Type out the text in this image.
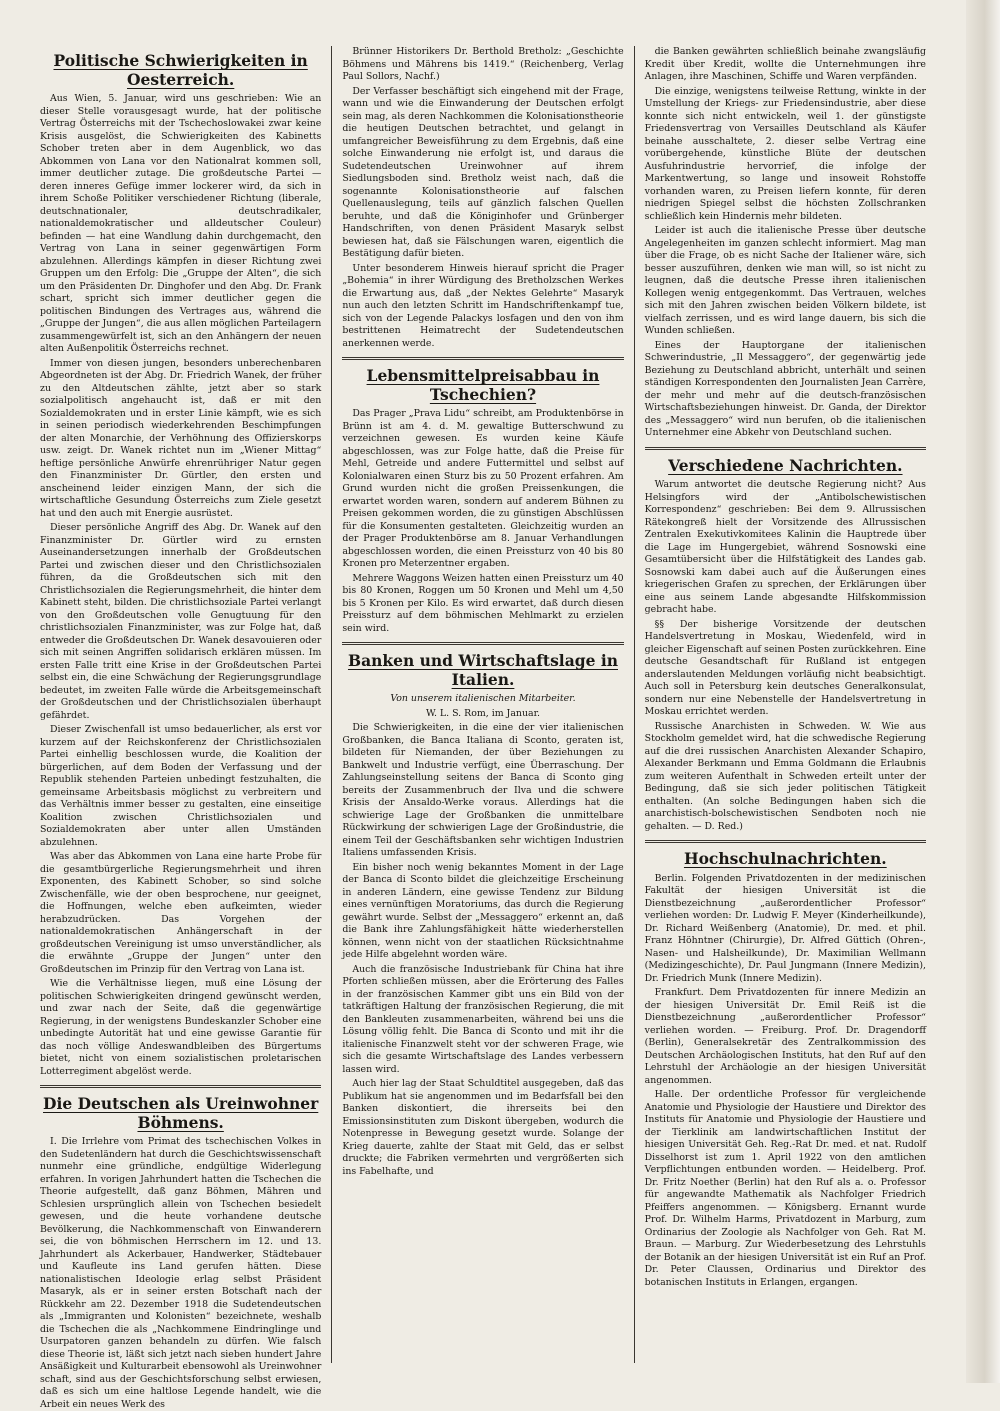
Politische Schwierigkeiten in Oesterreich.

Aus Wien, 5. Januar, wird uns geschrieben: Wie an dieser Stelle vorausgesagt wurde, hat der politische Vertrag Österreichs mit der Tschechoslowakei zwar keine Krisis ausgelöst, die Schwierigkeiten des Kabinetts Schober treten aber in dem Augenblick, wo das Abkommen von Lana vor den Nationalrat kommen soll, immer deutlicher zutage. Die großdeutsche Partei — deren inneres Gefüge immer lockerer wird, da sich in ihrem Schoße Politiker verschiedener Richtung (liberale, deutschnationaler, deutschradikaler, nationaldemokratischer und alldeutscher Couleur) befinden — hat eine Wandlung dahin durchgemacht, den Vertrag von Lana in seiner gegenwärtigen Form abzulehnen. Allerdings kämpfen in dieser Richtung zwei Gruppen um den Erfolg: Die „Gruppe der Alten“, die sich um den Präsidenten Dr. Dinghofer und den Abg. Dr. Frank schart, spricht sich immer deutlicher gegen die politischen Bindungen des Vertrages aus, während die „Gruppe der Jungen“, die aus allen möglichen Parteilagern zusammengewürfelt ist, sich an den Anhängern der neuen alten Außenpolitik Österreichs rechnet.

Immer von diesen jungen, besonders unberechenbaren Abgeordneten ist der Abg. Dr. Friedrich Wanek, der früher zu den Altdeutschen zählte, jetzt aber so stark sozialpolitisch angehaucht ist, daß er mit den Sozialdemokraten und in erster Linie kämpft, wie es sich in seinen periodisch wiederkehrenden Beschimpfungen der alten Monarchie, der Verhöhnung des Offizierskorps usw. zeigt. Dr. Wanek richtet nun im „Wiener Mittag“ heftige persönliche Anwürfe ehrenrühriger Natur gegen den Finanzminister Dr. Gürtler, den ersten und anscheinend leider einzigen Mann, der sich die wirtschaftliche Gesundung Österreichs zum Ziele gesetzt hat und den auch mit Energie ausrüstet.

Dieser persönliche Angriff des Abg. Dr. Wanek auf den Finanzminister Dr. Gürtler wird zu ernsten Auseinandersetzungen innerhalb der Großdeutschen Partei und zwischen dieser und den Christlichsozialen führen, da die Großdeutschen sich mit den Christlichsozialen die Regierungsmehrheit, die hinter dem Kabinett steht, bilden. Die christlichsoziale Partei verlangt von den Großdeutschen volle Genugtuung für den christlichsozialen Finanzminister, was zur Folge hat, daß entweder die Großdeutschen Dr. Wanek desavouieren oder sich mit seinen Angriffen solidarisch erklären müssen. Im ersten Falle tritt eine Krise in der Großdeutschen Partei selbst ein, die eine Schwächung der Regierungsgrundlage bedeutet, im zweiten Falle würde die Arbeitsgemeinschaft der Großdeutschen und der Christlichsozialen überhaupt gefährdet.

Dieser Zwischenfall ist umso bedauerlicher, als erst vor kurzem auf der Reichskonferenz der Christlichsozialen Partei einhellig beschlossen wurde, die Koalition der bürgerlichen, auf dem Boden der Verfassung und der Republik stehenden Parteien unbedingt festzuhalten, die gemeinsame Arbeitsbasis möglichst zu verbreitern und das Verhältnis immer besser zu gestalten, eine einseitige Koalition zwischen Christlichsozialen und Sozialdemokraten aber unter allen Umständen abzulehnen.

Was aber das Abkommen von Lana eine harte Probe für die gesamtbürgerliche Regierungsmehrheit und ihren Exponenten, des Kabinett Schober, so sind solche Zwischenfälle, wie der oben besprochene, nur geeignet, die Hoffnungen, welche eben aufkeimten, wieder herabzudrücken. Das Vorgehen der nationaldemokratischen Anhängerschaft in der großdeutschen Vereinigung ist umso unverständlicher, als die erwähnte „Gruppe der Jungen“ unter den Großdeutschen im Prinzip für den Vertrag von Lana ist.

Wie die Verhältnisse liegen, muß eine Lösung der politischen Schwierigkeiten dringend gewünscht werden, und zwar nach der Seite, daß die gegenwärtige Regierung, in der wenigstens Bundeskanzler Schober eine unbedingte Autorität hat und eine gewisse Garantie für das noch völlige Andeswandbleiben des Bürgertums bietet, nicht von einem sozialistischen proletarischen Lotterregiment abgelöst werde.

Die Deutschen als Ureinwohner Böhmens.

I. Die Irrlehre vom Primat des tschechischen Volkes in den Sudetenländern hat durch die Geschichtswissenschaft nunmehr eine gründliche, endgültige Widerlegung erfahren. In vorigen Jahrhundert hatten die Tschechen die Theorie aufgestellt, daß ganz Böhmen, Mähren und Schlesien ursprünglich allein von Tschechen besiedelt gewesen, und die heute vorhandene deutsche Bevölkerung, die Nachkommenschaft von Einwanderern sei, die von böhmischen Herrschern im 12. und 13. Jahrhundert als Ackerbauer, Handwerker, Städtebauer und Kaufleute ins Land gerufen hätten. Diese nationalistischen Ideologie erlag selbst Präsident Masaryk, als er in seiner ersten Botschaft nach der Rückkehr am 22. Dezember 1918 die Sudetendeutschen als „Immigranten und Kolonisten“ bezeichnete, weshalb die Tschechen die als „Nachkommene Eindringlinge und Usurpatoren ganzen behandeln zu dürfen. Wie falsch diese Theorie ist, läßt sich jetzt nach sieben hundert Jahre Ansäßigkeit und Kulturarbeit ebensowohl als Ureinwohner schaft, sind aus der Geschichtsforschung selbst erwiesen, daß es sich um eine haltlose Legende handelt, wie die Arbeit ein neues Werk des

Brünner Historikers Dr. Berthold Bretholz: „Geschichte Böhmens und Mährens bis 1419.“ (Reichenberg, Verlag Paul Sollors, Nachf.)

Der Verfasser beschäftigt sich eingehend mit der Frage, wann und wie die Einwanderung der Deutschen erfolgt sein mag, als deren Nachkommen die Kolonisationstheorie die heutigen Deutschen betrachtet, und gelangt in umfangreicher Beweisführung zu dem Ergebnis, daß eine solche Einwanderung nie erfolgt ist, und daraus die Sudetendeutschen Ureinwohner auf ihrem Siedlungsboden sind. Bretholz weist nach, daß die sogenannte Kolonisationstheorie auf falschen Quellenauslegung, teils auf gänzlich falschen Quellen beruhte, und daß die Königinhofer und Grünberger Handschriften, von denen Präsident Masaryk selbst bewiesen hat, daß sie Fälschungen waren, eigentlich die Bestätigung dafür bieten.

Unter besonderem Hinweis hierauf spricht die Prager „Bohemia“ in ihrer Würdigung des Bretholzschen Werkes die Erwartung aus, daß „der Nektes Gelehrte“ Masaryk nun auch den letzten Schritt im Handschriftenkampf tue, sich von der Legende Palackys losfagen und den von ihm bestrittenen Heimatrecht der Sudetendeutschen anerkennen werde.

Lebensmittelpreisabbau in Tschechien?

Das Prager „Prava Lidu“ schreibt, am Produktenbörse in Brünn ist am 4. d. M. gewaltige Butterschwund zu verzeichnen gewesen. Es wurden keine Käufe abgeschlossen, was zur Folge hatte, daß die Preise für Mehl, Getreide und andere Futtermittel und selbst auf Kolonialwaren einen Sturz bis zu 50 Prozent erfahren. Am Grund wurden nicht die großen Preissenkungen, die erwartet worden waren, sondern auf anderem Bühnen zu Preisen gekommen worden, die zu günstigen Abschlüssen für die Konsumenten gestalteten. Gleichzeitig wurden an der Prager Produktenbörse am 8. Januar Verhandlungen abgeschlossen worden, die einen Preissturz von 40 bis 80 Kronen pro Meterzentner ergaben.

Mehrere Waggons Weizen hatten einen Preissturz um 40 bis 80 Kronen, Roggen um 50 Kronen und Mehl um 4,50 bis 5 Kronen per Kilo. Es wird erwartet, daß durch diesen Preissturz auf dem böhmischen Mehlmarkt zu erzielen sein wird.

Banken und Wirtschaftslage in Italien.
Von unserem italienischen Mitarbeiter.
W. L. S. Rom, im Januar.

Die Schwierigkeiten, in die eine der vier italienischen Großbanken, die Banca Italiana di Sconto, geraten ist, bildeten für Niemanden, der über Beziehungen zu Bankwelt und Industrie verfügt, eine Überraschung. Der Zahlungseinstellung seitens der Banca di Sconto ging bereits der Zusammenbruch der Ilva und die schwere Krisis der Ansaldo-Werke voraus. Allerdings hat die schwierige Lage der Großbanken die unmittelbare Rückwirkung der schwierigen Lage der Großindustrie, die einem Teil der Geschäftsbanken sehr wichtigen Industrien Italiens umfassenden Krisis.

Ein bisher noch wenig bekanntes Moment in der Lage der Banca di Sconto bildet die gleichzeitige Erscheinung in anderen Ländern, eine gewisse Tendenz zur Bildung eines vernünftigen Moratoriums, das durch die Regierung gewährt wurde. Selbst der „Messaggero“ erkennt an, daß die Bank ihre Zahlungsfähigkeit hätte wiederherstellen können, wenn nicht von der staatlichen Rücksichtnahme jede Hilfe abgelehnt worden wäre.

Auch die französische Industriebank für China hat ihre Pforten schließen müssen, aber die Erörterung des Falles in der französischen Kammer gibt uns ein Bild von der tatkräftigen Haltung der französischen Regierung, die mit den Bankleuten zusammenarbeiten, während bei uns die Lösung völlig fehlt. Die Banca di Sconto und mit ihr die italienische Finanzwelt steht vor der schweren Frage, wie sich die gesamte Wirtschaftslage des Landes verbessern lassen wird.

Auch hier lag der Staat Schuldtitel ausgegeben, daß das Publikum hat sie angenommen und im Bedarfsfall bei den Banken diskontiert, die ihrerseits bei den Emissionsinstituten zum Diskont übergeben, wodurch die Notenpresse in Bewegung gesetzt wurde. Solange der Krieg dauerte, zahlte der Staat mit Geld, das er selbst druckte; die Fabriken vermehrten und vergrößerten sich ins Fabelhafte, und

die Banken gewährten schließlich beinahe zwangsläufig Kredit über Kredit, wollte die Unternehmungen ihre Anlagen, ihre Maschinen, Schiffe und Waren verpfänden.

Die einzige, wenigstens teilweise Rettung, winkte in der Umstellung der Kriegs- zur Friedensindustrie, aber diese konnte sich nicht entwickeln, weil 1. der günstigste Friedensvertrag von Versailles Deutschland als Käufer beinahe ausschaltete, 2. dieser selbe Vertrag eine vorübergehende, künstliche Blüte der deutschen Ausfuhrindustrie hervorrief, die infolge der Markentwertung, so lange und insoweit Rohstoffe vorhanden waren, zu Preisen liefern konnte, für deren niedrigen Spiegel selbst die höchsten Zollschranken schließlich kein Hindernis mehr bildeten.

Leider ist auch die italienische Presse über deutsche Angelegenheiten im ganzen schlecht informiert. Mag man über die Frage, ob es nicht Sache der Italiener wäre, sich besser auszuführen, denken wie man will, so ist nicht zu leugnen, daß die deutsche Presse ihren italienischen Kollegen wenig entgegenkommt. Das Vertrauen, welches sich mit den Jahren zwischen beiden Völkern bildete, ist vielfach zerrissen, und es wird lange dauern, bis sich die Wunden schließen.

Eines der Hauptorgane der italienischen Schwerindustrie, „Il Messaggero“, der gegenwärtig jede Beziehung zu Deutschland abbricht, unterhält und seinen ständigen Korrespondenten den Journalisten Jean Carrère, der mehr und mehr auf die deutsch-französischen Wirtschaftsbeziehungen hinweist. Dr. Ganda, der Direktor des „Messaggero“ wird nun berufen, ob die italienischen Unternehmer eine Abkehr von Deutschland suchen.

Verschiedene Nachrichten.

Warum antwortet die deutsche Regierung nicht? Aus Helsingfors wird der „Antibolschewistischen Korrespondenz“ geschrieben: Bei dem 9. Allrussischen Rätekongreß hielt der Vorsitzende des Allrussischen Zentralen Exekutivkomitees Kalinin die Hauptrede über die Lage im Hungergebiet, während Sosnowski eine Gesamtübersicht über die Hilfstätigkeit des Landes gab. Sosnowski kam dabei auch auf die Äußerungen eines kriegerischen Grafen zu sprechen, der Erklärungen über eine aus seinem Lande abgesandte Hilfskommission gebracht habe.

§§ Der bisherige Vorsitzende der deutschen Handelsvertretung in Moskau, Wiedenfeld, wird in gleicher Eigenschaft auf seinen Posten zurückkehren. Eine deutsche Gesandtschaft für Rußland ist entgegen anderslautenden Meldungen vorläufig nicht beabsichtigt. Auch soll in Petersburg kein deutsches Generalkonsulat, sondern nur eine Nebenstelle der Handelsvertretung in Moskau errichtet werden.

Russische Anarchisten in Schweden. W. Wie aus Stockholm gemeldet wird, hat die schwedische Regierung auf die drei russischen Anarchisten Alexander Schapiro, Alexander Berkmann und Emma Goldmann die Erlaubnis zum weiteren Aufenthalt in Schweden erteilt unter der Bedingung, daß sie sich jeder politischen Tätigkeit enthalten. (An solche Bedingungen haben sich die anarchistisch-bolschewistischen Sendboten noch nie gehalten. — D. Red.)

Hochschulnachrichten.

Berlin. Folgenden Privatdozenten in der medizinischen Fakultät der hiesigen Universität ist die Dienstbezeichnung „außerordentlicher Professor“ verliehen worden: Dr. Ludwig F. Meyer (Kinderheilkunde), Dr. Richard Weißenberg (Anatomie), Dr. med. et phil. Franz Höhntner (Chirurgie), Dr. Alfred Güttich (Ohren-, Nasen- und Halsheilkunde), Dr. Maximilian Wellmann (Medizingeschichte), Dr. Paul Jungmann (Innere Medizin), Dr. Friedrich Munk (Innere Medizin).

Frankfurt. Dem Privatdozenten für innere Medizin an der hiesigen Universität Dr. Emil Reiß ist die Dienstbezeichnung „außerordentlicher Professor“ verliehen worden. — Freiburg. Prof. Dr. Dragendorff (Berlin), Generalsekretär des Zentralkommission des Deutschen Archäologischen Instituts, hat den Ruf auf den Lehrstuhl der Archäologie an der hiesigen Universität angenommen.

Halle. Der ordentliche Professor für vergleichende Anatomie und Physiologie der Haustiere und Direktor des Instituts für Anatomie und Physiologie der Haustiere und der Tierklinik am landwirtschaftlichen Institut der hiesigen Universität Geh. Reg.-Rat Dr. med. et nat. Rudolf Disselhorst ist zum 1. April 1922 von den amtlichen Verpflichtungen entbunden worden. — Heidelberg. Prof. Dr. Fritz Noether (Berlin) hat den Ruf als a. o. Professor für angewandte Mathematik als Nachfolger Friedrich Pfeiffers angenommen. — Königsberg. Ernannt wurde Prof. Dr. Wilhelm Harms, Privatdozent in Marburg, zum Ordinarius der Zoologie als Nachfolger von Geh. Rat M. Braun. — Marburg. Zur Wiederbesetzung des Lehrstuhls der Botanik an der hiesigen Universität ist ein Ruf an Prof. Dr. Peter Claussen, Ordinarius und Direktor des botanischen Instituts in Erlangen, ergangen.
